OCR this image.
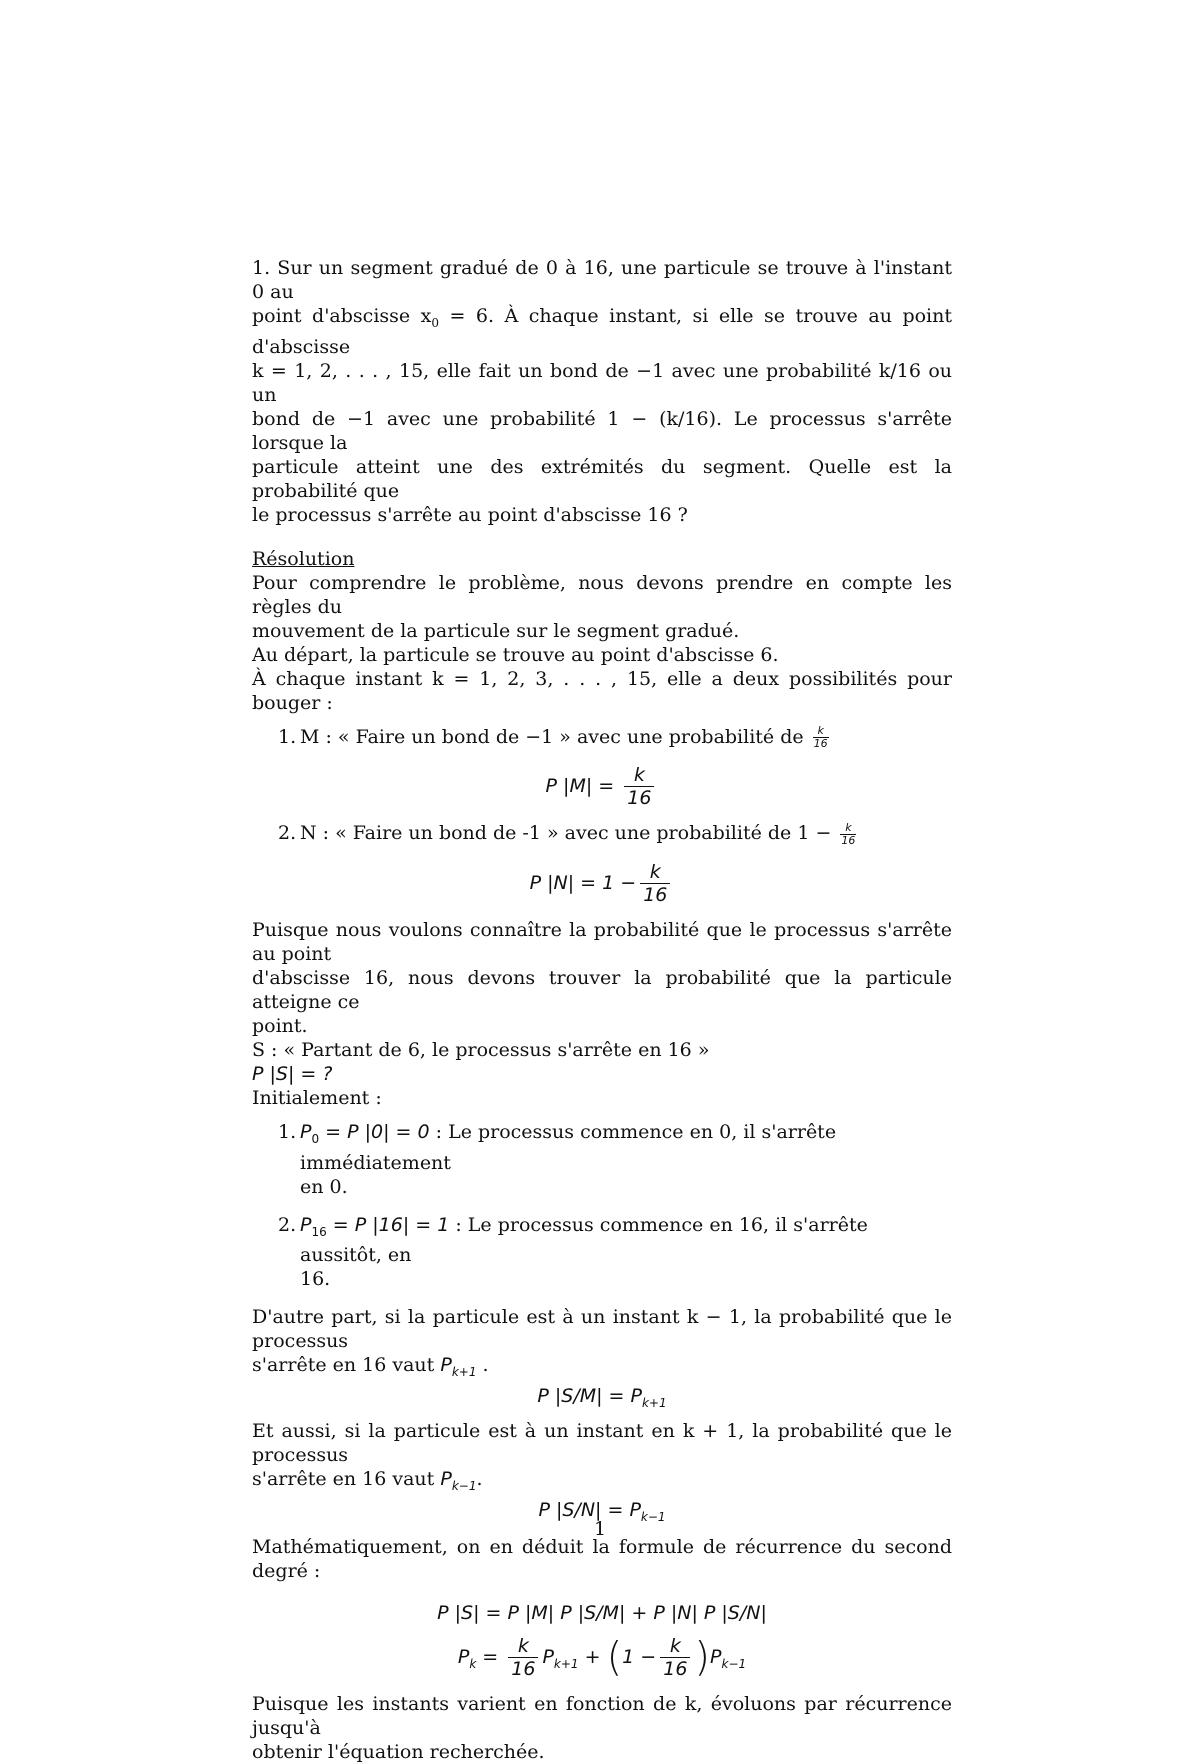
1. Sur un segment gradué de 0 à 16, une particule se trouve à l'instant 0 au

point d'abscisse $x_0 = 6$. À chaque instant, si elle se trouve au point d'abscisse

k = 1, 2, . . . , 15, elle fait un bond de −1 avec une probabilité k/16 ou un

bond de −1 avec une probabilité 1 − (k/16). Le processus s'arrête lorsque la

particule atteint une des extrémités du segment. Quelle est la probabilité que

le processus s'arrête au point d'abscisse 16 ?

Résolution

Pour comprendre le problème, nous devons prendre en compte les règles du

mouvement de la particule sur le segment gradué.

Au départ, la particule se trouve au point d'abscisse 6.

À chaque instant k = 1, 2, 3, . . . , 15, elle a deux possibilités pour bouger :

1. M : « Faire un bond de −1 » avec une probabilité de $\frac{k}{16}$
P $|M| = \frac{k}{16}$
2. N : « Faire un bond de -1 » avec une probabilité de $1 - \frac{k}{16}$
P $|N| = 1 - \frac{k}{16}$

Puisque nous voulons connaître la probabilité que le processus s'arrête au point

d'abscisse 16, nous devons trouver la probabilité que la particule atteigne ce

point.

S : « Partant de 6, le processus s'arrête en 16 »

P |S| = ?

Initialement :

1. $P_0 = P$ |0| = 0 : Le processus commence en 0, il s'arrête immédiatement
en 0.
2. $P_{16} = P$ |16| = 1 : Le processus commence en 16, il s'arrête aussitôt, en
16.

D'autre part, si la particule est à un instant k − 1, la probabilité que le processus

s'arrête en 16 vaut $P_{k+1}$ .

P $|S/M| = P_{k+1}$

Et aussi, si la particule est à un instant en k + 1, la probabilité que le processus

s'arrête en 16 vaut $P_{k-1}$.

P $|S/N| = P_{k-1}$

Mathématiquement, on en déduit la formule de récurrence du second degré :

P |S| = P |M| P |S/M| + P |N| P |S/N|
$P_k = \frac{k}{16} P_{k+1} + (1 - \frac{k}{16} )P_{k-1}$

Puisque les instants varient en fonction de k, évoluons par récurrence jusqu'à

obtenir l'équation recherchée.

1
